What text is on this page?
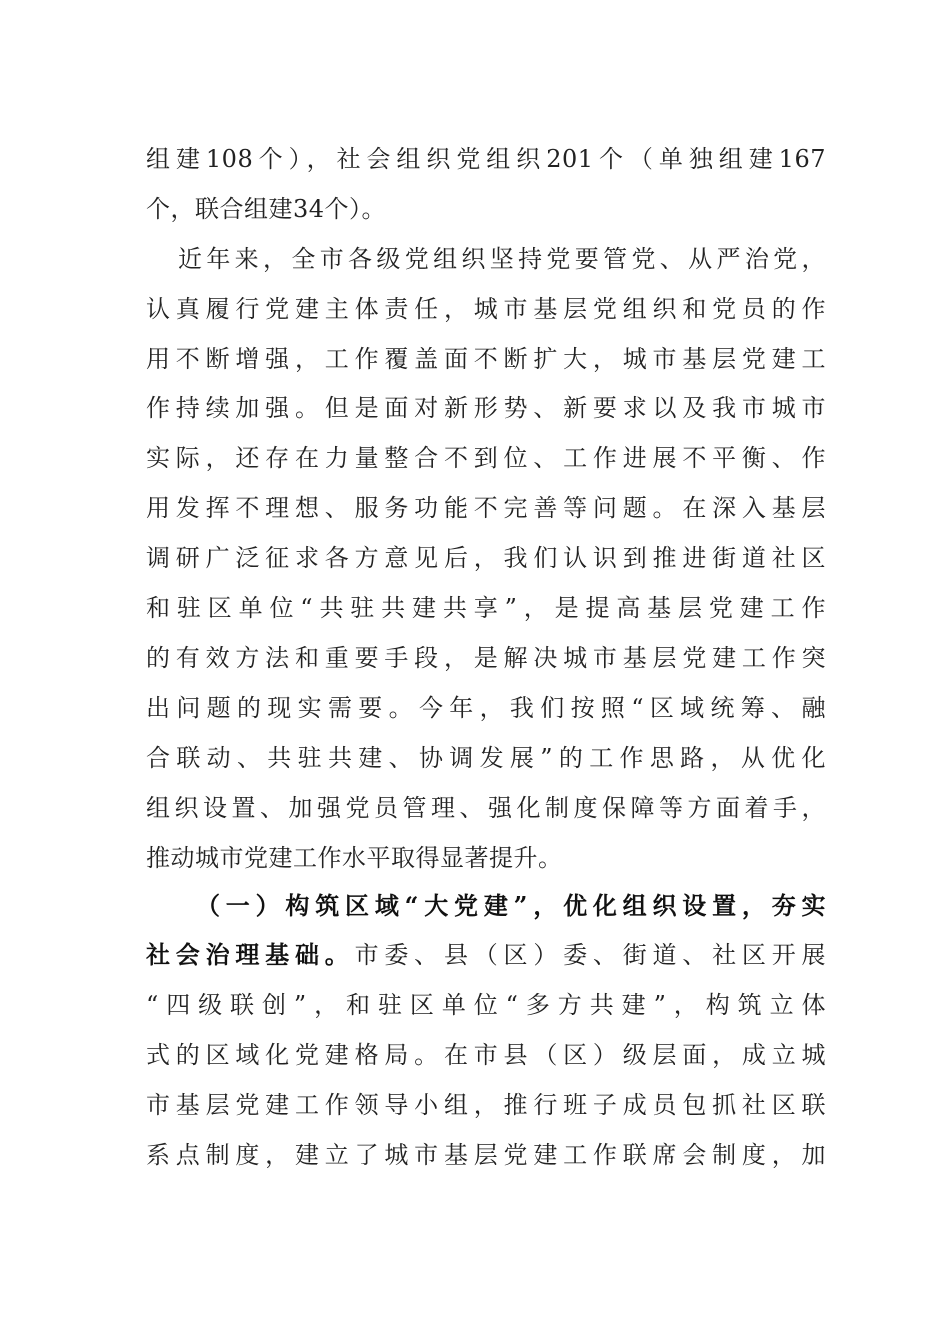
组建108个），社会组织党组织201个（单独组建167
个，联合组建34个）。
近年来，全市各级党组织坚持党要管党、从严治党，
认真履行党建主体责任，城市基层党组织和党员的作
用不断增强，工作覆盖面不断扩大，城市基层党建工
作持续加强。但是面对新形势、新要求以及我市城市
实际，还存在力量整合不到位、工作进展不平衡、作
用发挥不理想、服务功能不完善等问题。在深入基层
调研广泛征求各方意见后，我们认识到推进街道社区
和驻区单位“共驻共建共享”，是提高基层党建工作
的有效方法和重要手段，是解决城市基层党建工作突
出问题的现实需要。今年，我们按照“区域统筹、融
合联动、共驻共建、协调发展”的工作思路，从优化
组织设置、加强党员管理、强化制度保障等方面着手，
推动城市党建工作水平取得显著提升。
（一）构筑区域“大党建”，优化组织设置，夯实
社会治理基础。市委、县（区）委、街道、社区开展
“四级联创”，和驻区单位“多方共建”，构筑立体
式的区域化党建格局。在市县（区）级层面，成立城
市基层党建工作领导小组，推行班子成员包抓社区联
系点制度，建立了城市基层党建工作联席会制度，加
